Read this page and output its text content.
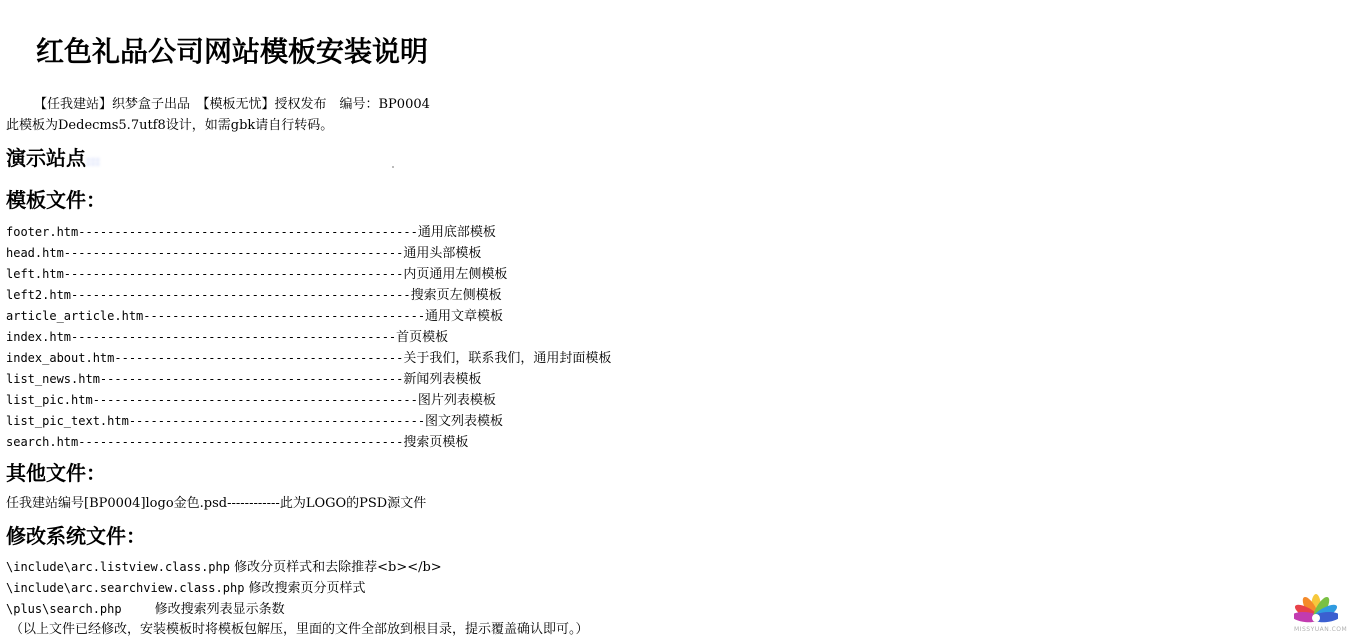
红色礼品公司网站模板安装说明
【任我建站】织梦盒子出品　【模板无忧】授权发布　编号：BP0004
此模板为Dedecms5.7utf8设计，如需gbk请自行转码。
演示站点:::
模板文件：
footer.htm-----------------------------------------------通用底部模板
head.htm-----------------------------------------------通用头部模板
left.htm-----------------------------------------------内页通用左侧模板
left2.htm-----------------------------------------------搜索页左侧模板
article_article.htm---------------------------------------通用文章模板
index.htm---------------------------------------------首页模板
index_about.htm----------------------------------------关于我们，联系我们，通用封面模板
list_news.htm------------------------------------------新闻列表模板
list_pic.htm---------------------------------------------图片列表模板
list_pic_text.htm-----------------------------------------图文列表模板
search.htm---------------------------------------------搜索页模板
其他文件：
任我建站编号[BP0004]logo金色.psd------------此为LOGO的PSD源文件
修改系统文件：
\include\arc.listview.class.php 修改分页样式和去除推荐<b></b>
\include\arc.searchview.class.php 修改搜索页分页样式
\plus\search.php        修改搜索列表显示条数
（以上文件已经修改，安装模板时将模板包解压，里面的文件全部放到根目录，提示覆盖确认即可。）	MISSYUAN.COM
